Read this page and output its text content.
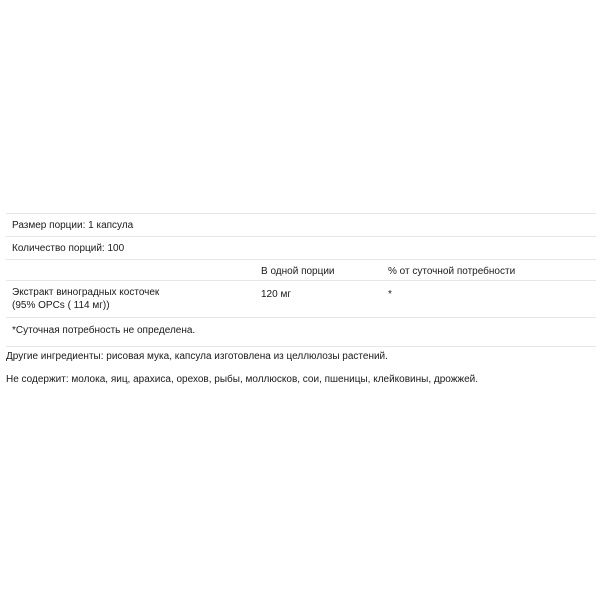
Размер порции: 1 капсула
Количество порций: 100
В одной порции	% от суточной потребности
Экстракт виноградных косточек
(95% OPCs ( 114 мг))
120 мг	*
*Суточная потребность не определена.
Другие ингредиенты: рисовая мука, капсула изготовлена из целлюлозы растений.
Не содержит: молока, яиц, арахиса, орехов, рыбы, моллюсков, сои, пшеницы, клейковины, дрожжей.
